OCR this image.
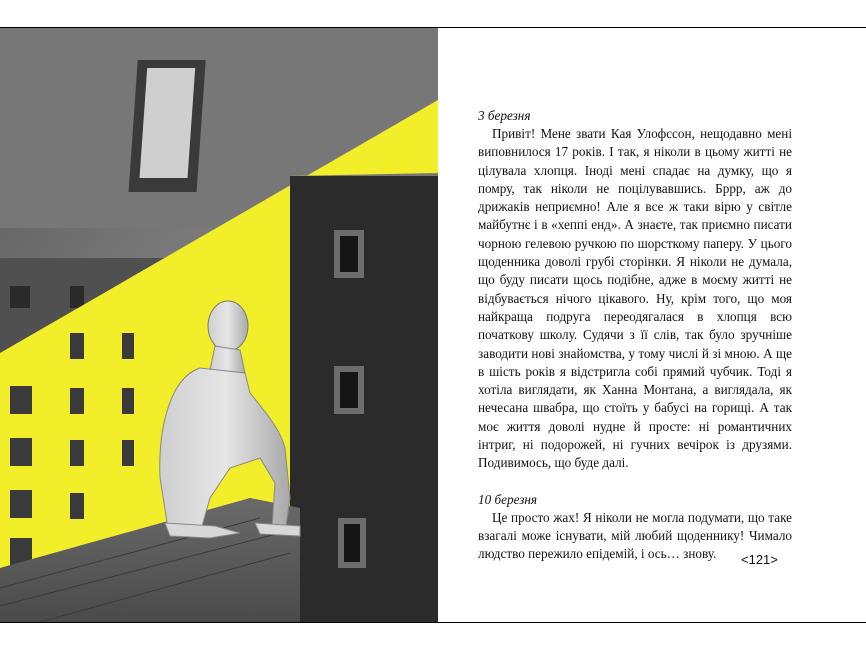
3 березня

Привіт! Мене звати Кая Улофссон, нещодавно мені виповнилося 17 років. І так, я ніколи в цьому житті не цілувала хлопця. Іноді мені спадає на думку, що я помру, так ніколи не поцілувавшись. Бррр, аж до дрижаків неприємно! Але я все ж таки вірю у світле майбутнє і в «хеппі енд». А знаєте, так приємно писати чорною гелевою ручкою по шорсткому паперу. У цього щоденника доволі грубі сторінки. Я ніколи не думала, що буду писати щось подібне, адже в моєму житті не відбувається нічого цікавого. Ну, крім того, що моя найкраща подруга переодягалася в хлопця всю початкову школу. Судячи з її слів, так було зручніше заводити нові знайомства, у тому числі й зі мною. А ще в шість років я відстригла собі прямий чубчик. Тоді я хотіла виглядати, як Ханна Монтана, а виглядала, як нечесана швабра, що стоїть у бабусі на горищі. А так моє життя доволі нудне й просте: ні романтичних інтриг, ні подорожей, ні гучних вечірок із друзями. Подивимось, що буде далі.

10 березня

Це просто жах! Я ніколи не могла подумати, що таке взагалі може існувати, мій любий щоденнику! Чимало людство пережило епідемій, і ось… знову.	<121>
